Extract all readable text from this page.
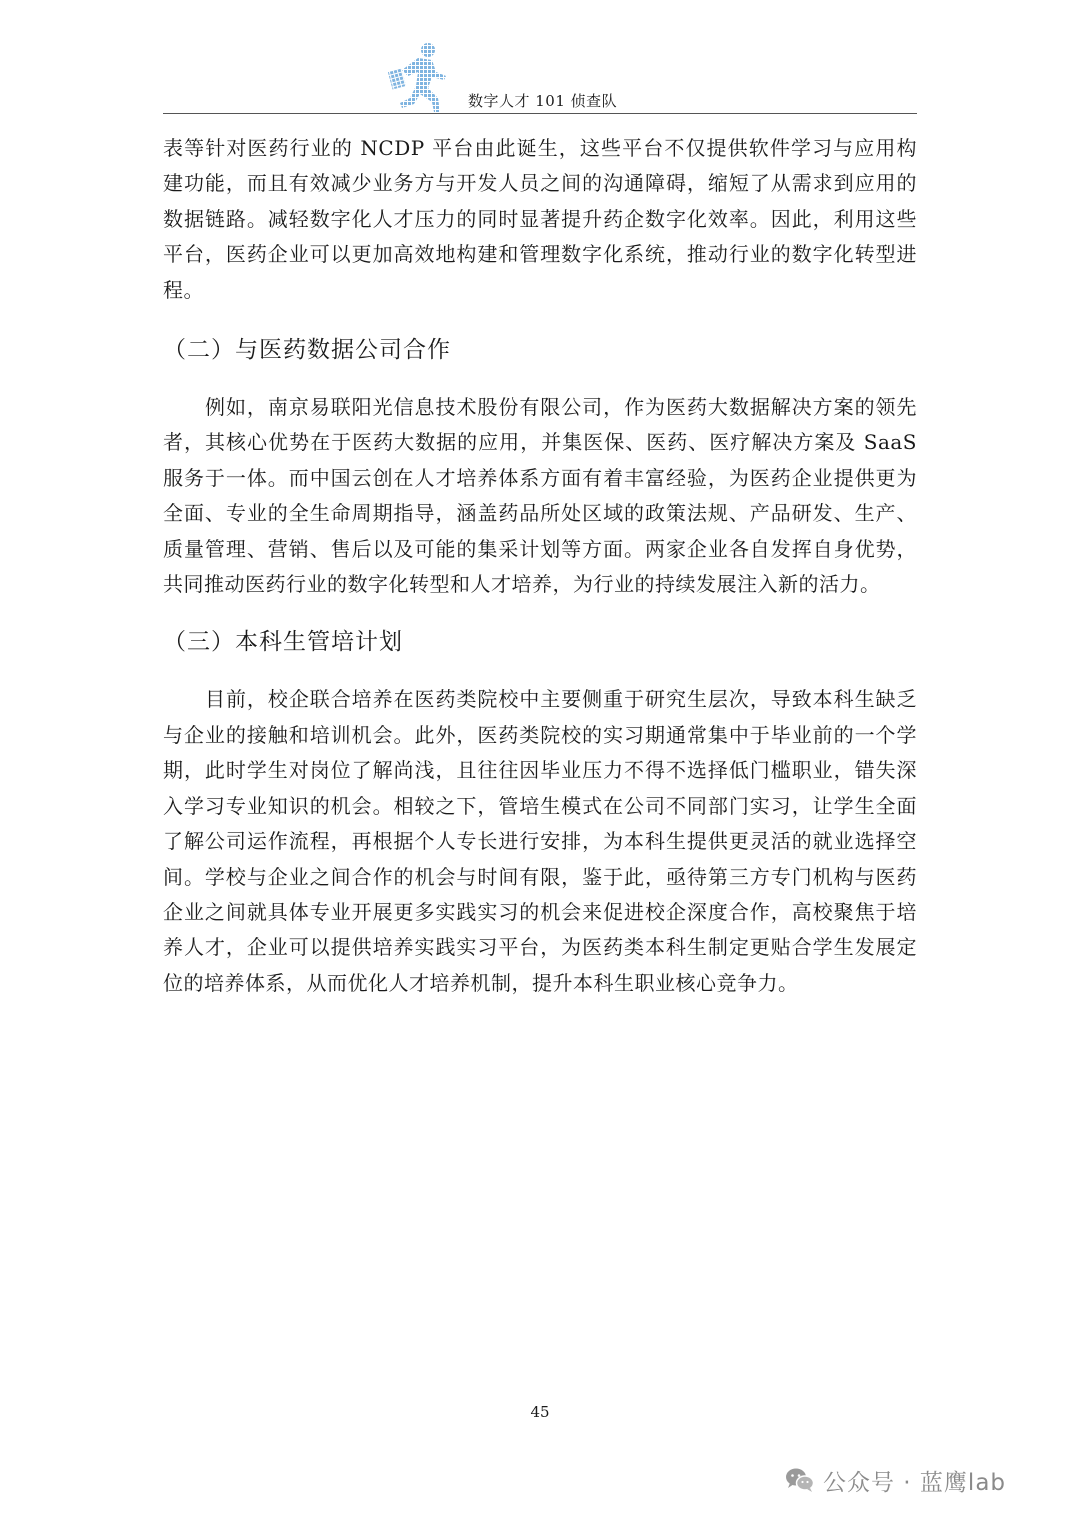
数字人才 101 侦查队

表等针对医药行业的 NCDP 平台由此诞生，这些平台不仅提供软件学习与应用构建功能，而且有效减少业务方与开发人员之间的沟通障碍，缩短了从需求到应用的数据链路。减轻数字化人才压力的同时显著提升药企数字化效率。因此，利用这些平台，医药企业可以更加高效地构建和管理数字化系统，推动行业的数字化转型进程。

（二）与医药数据公司合作

例如，南京易联阳光信息技术股份有限公司，作为医药大数据解决方案的领先者，其核心优势在于医药大数据的应用，并集医保、医药、医疗解决方案及 SaaS 服务于一体。而中国云创在人才培养体系方面有着丰富经验，为医药企业提供更为全面、专业的全生命周期指导，涵盖药品所处区域的政策法规、产品研发、生产、质量管理、营销、售后以及可能的集采计划等方面。两家企业各自发挥自身优势，共同推动医药行业的数字化转型和人才培养，为行业的持续发展注入新的活力。

（三）本科生管培计划

目前，校企联合培养在医药类院校中主要侧重于研究生层次，导致本科生缺乏与企业的接触和培训机会。此外，医药类院校的实习期通常集中于毕业前的一个学期，此时学生对岗位了解尚浅，且往往因毕业压力不得不选择低门槛职业，错失深入学习专业知识的机会。相较之下，管培生模式在公司不同部门实习，让学生全面了解公司运作流程，再根据个人专长进行安排，为本科生提供更灵活的就业选择空间。学校与企业之间合作的机会与时间有限，鉴于此，亟待第三方专门机构与医药企业之间就具体专业开展更多实践实习的机会来促进校企深度合作，高校聚焦于培养人才，企业可以提供培养实践实习平台，为医药类本科生制定更贴合学生发展定位的培养体系，从而优化人才培养机制，提升本科生职业核心竞争力。

45
公众号 · 蓝鹰lab
